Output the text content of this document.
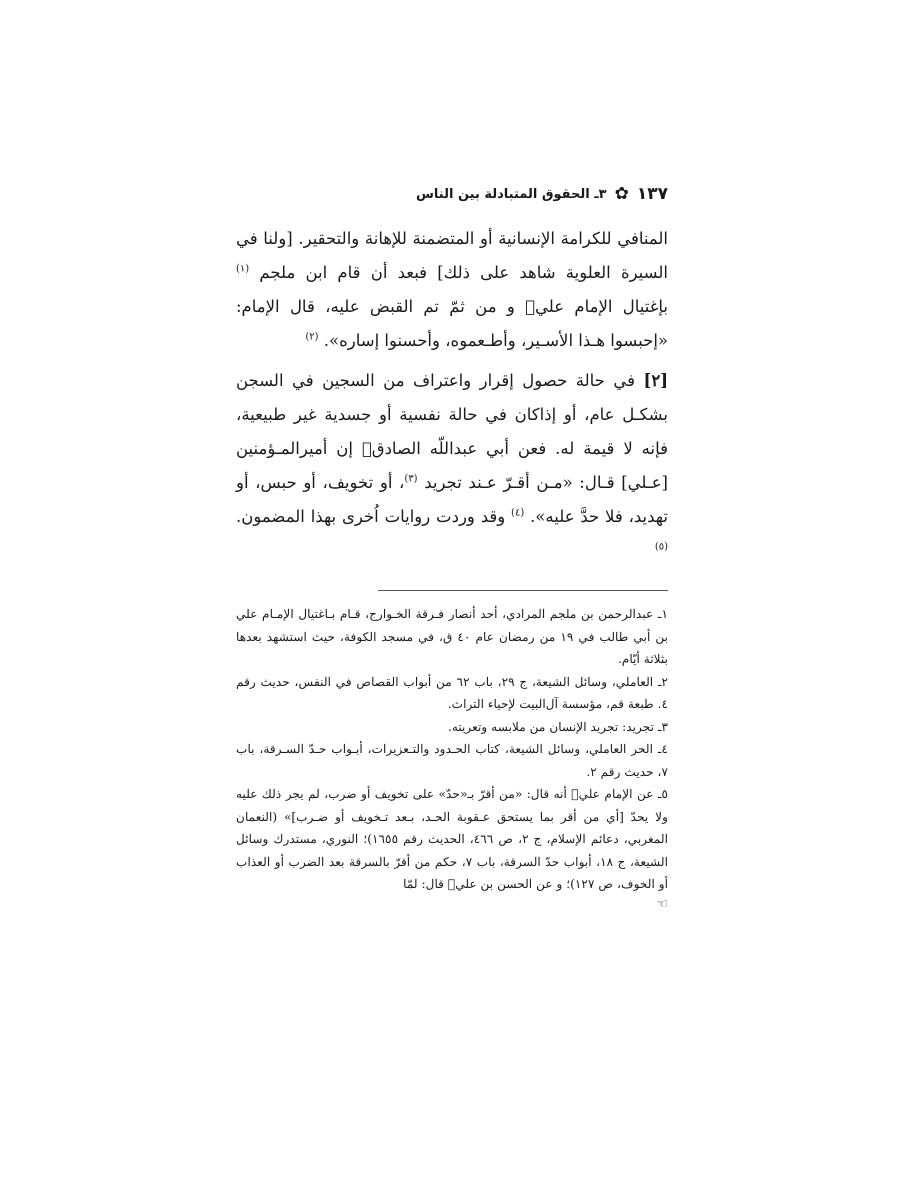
١٣٧
✿
٣ـ الحقوق المتبادلة بين الناس

المنافي للكرامة الإنسانية أو المتضمنة للإهانة والتحقير. [ولنا في السيرة العلوية شاهد على ذلك] فبعد أن قام ابن ملجم $^{(١)}$ بإغتيال الإمام علي﷣ و من ثمّ تم القبض عليه، قال الإمام: «إحبسوا هـذا الأسـير، وأطـعموه، وأحسنوا إساره». $^{(٢)}$

[٢] في حالة حصول إقرار واعتراف من السجين في السجن بشكـل عام، أو إذاكان في حالة نفسية أو جسدية غير طبيعية، فإنه لا قيمة له. فعن أبي عبداللّه الصادق﷣ إن أميرالمـؤمنين [عـلي] قـال: «مـن أقـرّ عـند تجريد $^{(٣)}$، أو تخويف، أو حبس، أو تهديد، فلا حدَّ عليه». $^{(٤)}$ وقد وردت روايات اُخرى بهذا المضمون. $^{(٥)}$

١ـ عبدالرحمن بن ملجم المرادي، أحد أنصار فـرقة الخـوارج، قـام بـاغتيال الإمـام علي بن أبي طالب في ١٩ من رمضان عام ٤٠ ق، في مسجد الكوفة، حيث استشهد بعدها بثلاثة أيّام.

٢ـ العاملي، وسائل الشيعة، ج ٢٩، باب ٦٢ من أبواب القصاص في النفس، حديث رقم ٤. طبعة قم، مؤسسة آل‌البيت لإحياء التراث.

٣ـ تجريد: تجريد الإنسان من ملابسه وتعريته.

٤ـ الحر العاملي، وسائل الشيعة، كتاب الحـدود والتـعزيرات، أبـواب حـدّ السـرقة، باب ٧، حديث رقم ٢.

٥ـ عن الإمام علي﷣ أنه قال: «من أقرّ بـ«حدّ» على تخويف أو ضرب، لم يجر ذلك عليه ولا يحدّ [أي من أقر بما يستحق عـقوبة الحـد، بـعد تـخويف أو ضـرب]» (النعمان المغربي، دعائم الإسلام، ج ٢، ص ٤٦٦، الحديث رقم ١٦٥٥)؛ النوري، مستدرك وسائل الشيعة، ج ١٨، أبواب حدّ السرقة، باب ٧، حكم من أقرّ بالسرقة بعد الضرب أو العذاب أو الخوف، ص ١٢٧)؛ و عن الحسن بن علي﷣ قال: لمّا

☜
